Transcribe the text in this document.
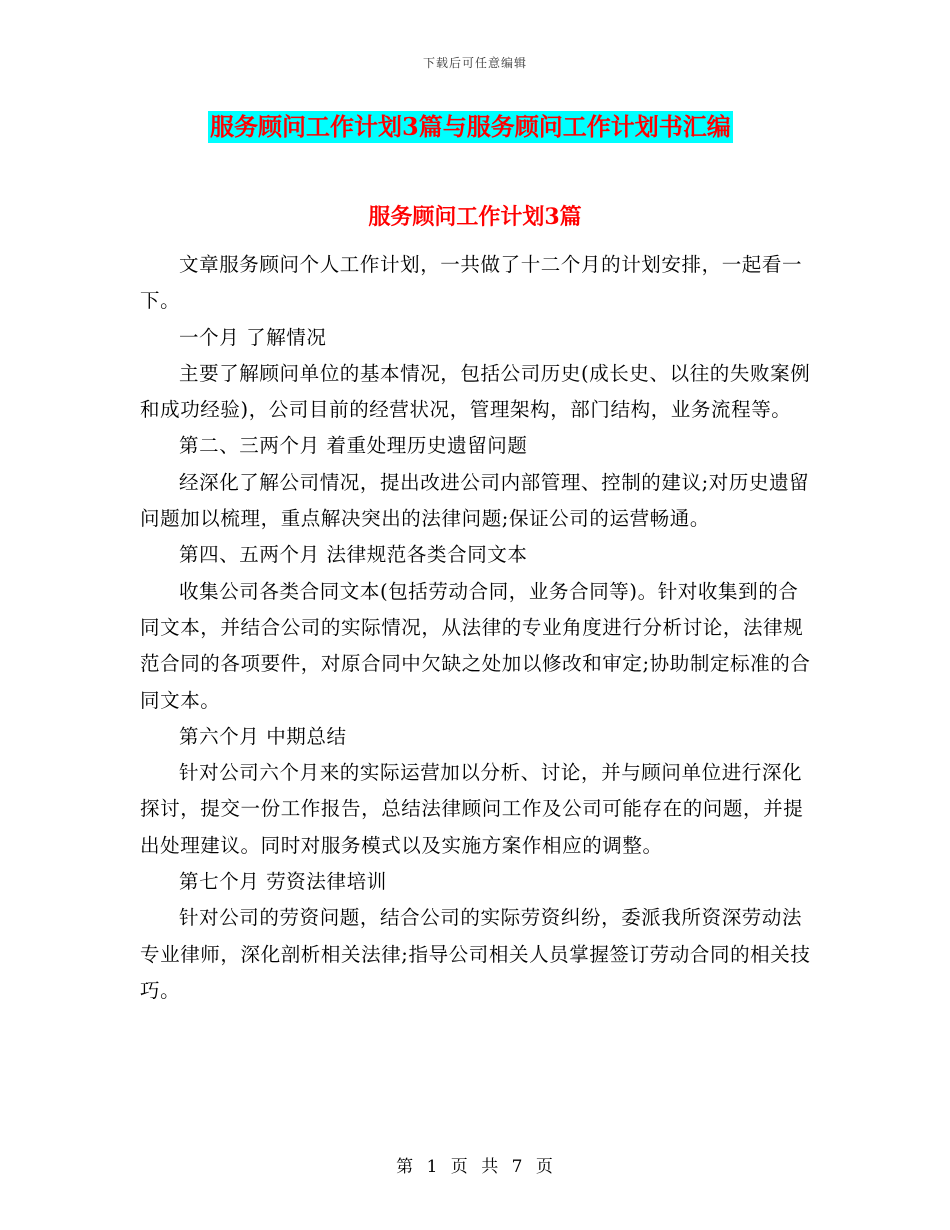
下载后可任意编辑
服务顾问工作计划3篇与服务顾问工作计划书汇编
服务顾问工作计划3篇

文章服务顾问个人工作计划，一共做了十二个月的计划安排，一起看一下。

一个月 了解情况

主要了解顾问单位的基本情况，包括公司历史(成长史、以往的失败案例和成功经验)，公司目前的经营状况，管理架构，部门结构，业务流程等。

第二、三两个月 着重处理历史遗留问题

经深化了解公司情况，提出改进公司内部管理、控制的建议;对历史遗留问题加以梳理，重点解决突出的法律问题;保证公司的运营畅通。

第四、五两个月 法律规范各类合同文本

收集公司各类合同文本(包括劳动合同，业务合同等)。针对收集到的合同文本，并结合公司的实际情况，从法律的专业角度进行分析讨论，法律规范合同的各项要件，对原合同中欠缺之处加以修改和审定;协助制定标准的合同文本。

第六个月 中期总结

针对公司六个月来的实际运营加以分析、讨论，并与顾问单位进行深化探讨，提交一份工作报告，总结法律顾问工作及公司可能存在的问题，并提出处理建议。同时对服务模式以及实施方案作相应的调整。

第七个月 劳资法律培训

针对公司的劳资问题，结合公司的实际劳资纠纷，委派我所资深劳动法专业律师，深化剖析相关法律;指导公司相关人员掌握签订劳动合同的相关技巧。

第 1 页 共 7 页
